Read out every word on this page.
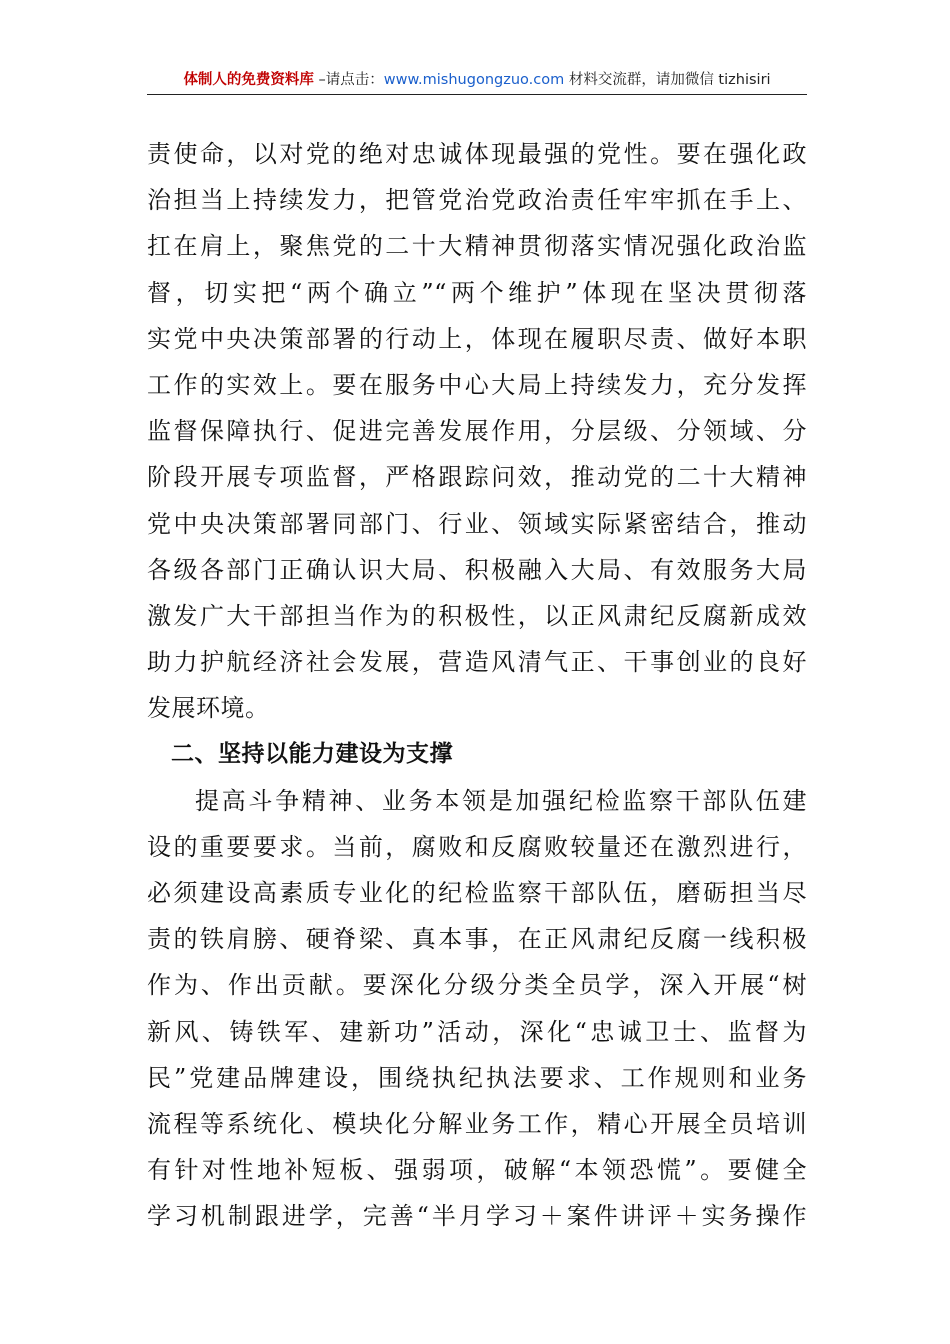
体制人的免费资料库 –请点击：www.mishugongzuo.com 材料交流群，请加微信 tizhisiri
责使命，以对党的绝对忠诚体现最强的党性。要在强化政
治担当上持续发力，把管党治党政治责任牢牢抓在手上、
扛在肩上，聚焦党的二十大精神贯彻落实情况强化政治监
督，切实把“两个确立”“两个维护”体现在坚决贯彻落
实党中央决策部署的行动上，体现在履职尽责、做好本职
工作的实效上。要在服务中心大局上持续发力，充分发挥
监督保障执行、促进完善发展作用，分层级、分领域、分
阶段开展专项监督，严格跟踪问效，推动党的二十大精神
党中央决策部署同部门、行业、领域实际紧密结合，推动
各级各部门正确认识大局、积极融入大局、有效服务大局
激发广大干部担当作为的积极性，以正风肃纪反腐新成效
助力护航经济社会发展，营造风清气正、干事创业的良好
发展环境。
二、坚持以能力建设为支撑
提高斗争精神、业务本领是加强纪检监察干部队伍建
设的重要要求。当前，腐败和反腐败较量还在激烈进行，
必须建设高素质专业化的纪检监察干部队伍，磨砺担当尽
责的铁肩膀、硬脊梁、真本事，在正风肃纪反腐一线积极
作为、作出贡献。要深化分级分类全员学，深入开展“树
新风、铸铁军、建新功”活动，深化“忠诚卫士、监督为
民”党建品牌建设，围绕执纪执法要求、工作规则和业务
流程等系统化、模块化分解业务工作，精心开展全员培训
有针对性地补短板、强弱项，破解“本领恐慌”。要健全
学习机制跟进学，完善“半月学习＋案件讲评＋实务操作
